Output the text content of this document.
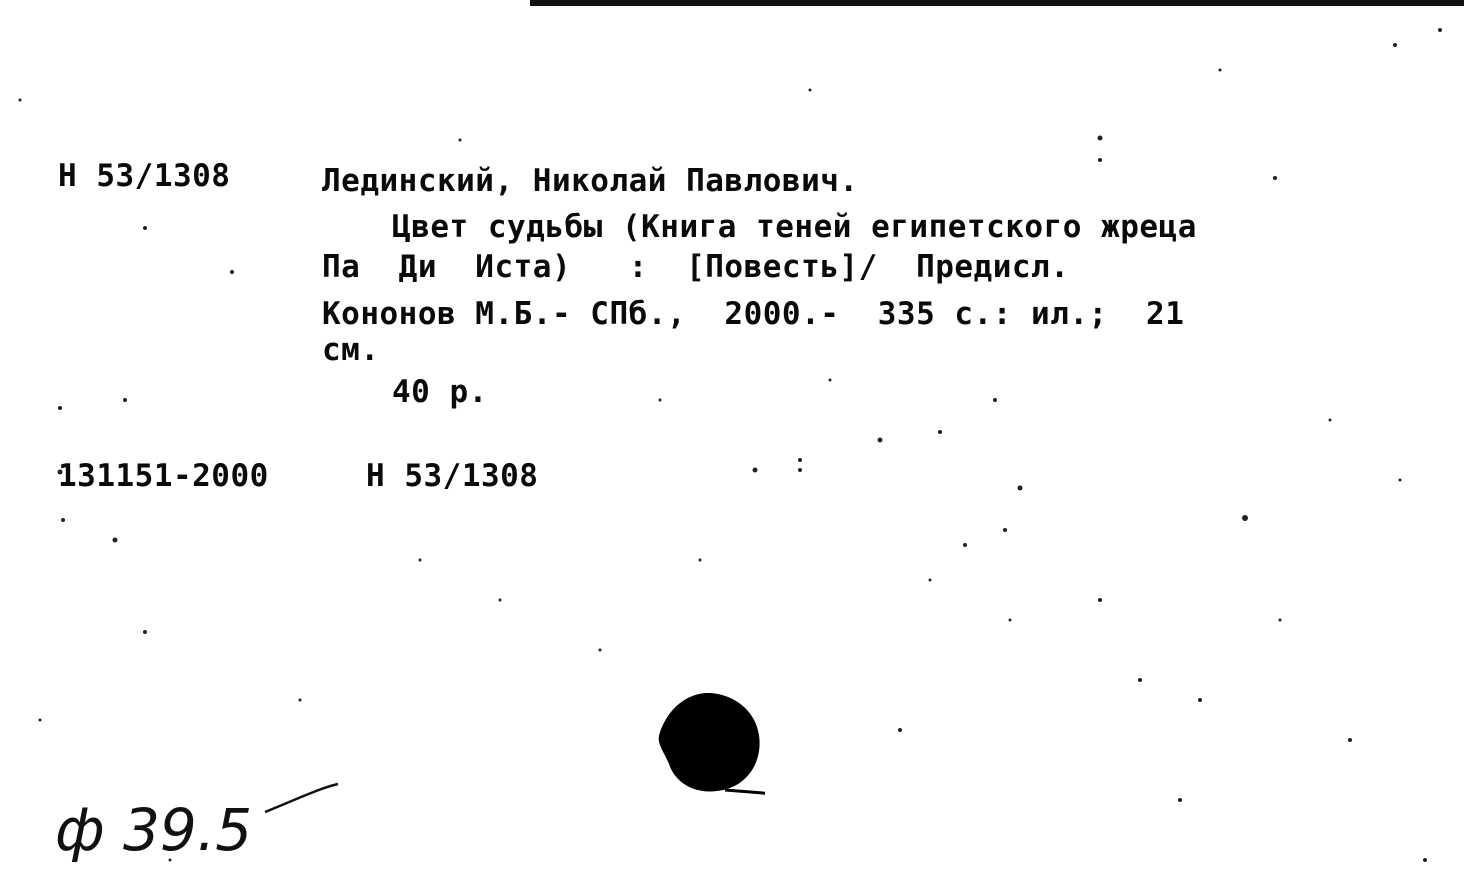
Н 53/1308	Лединский, Николай Павлович.
Цвет судьбы (Книга теней египетского жреца
Па  Ди  Иста)   :  [Повесть]/  Предисл.
Кононов М.Б.- СПб.,  2000.-  335 с.: ил.;  21
см.
40 р.
131151-2000	Н 53/1308
ф 39.5
